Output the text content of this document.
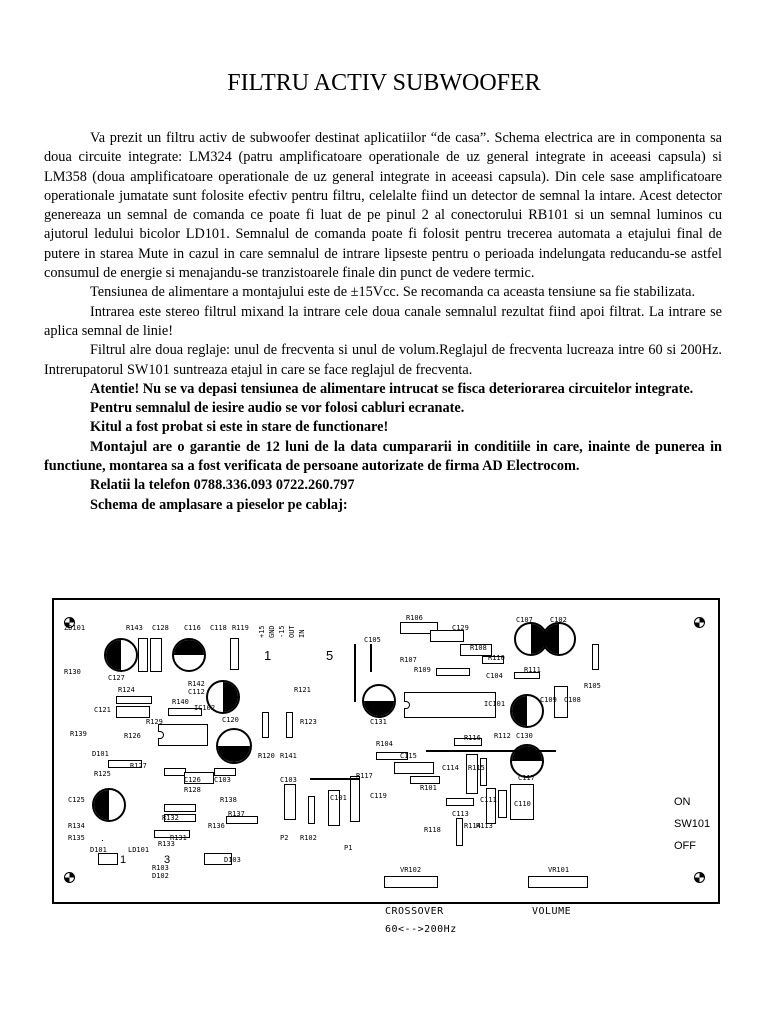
FILTRU ACTIV SUBWOOFER

Va prezit un filtru activ de subwoofer destinat aplicatiilor “de casa”. Schema electrica are in componenta sa doua circuite integrate: LM324 (patru amplificatoare operationale de uz general integrate in aceeasi capsula) si LM358 (doua amplificatoare operationale de uz general integrate in aceeasi capsula). Din cele sase amplificatoare operationale jumatate sunt folosite efectiv pentru filtru, celelalte fiind un detector de semnal la intare. Acest detector genereaza un semnal de comanda ce poate fi luat de pe pinul 2 al conectorului RB101 si un semnal luminos cu ajutorul ledului bicolor LD101. Semnalul de comanda poate fi folosit pentru trecerea automata a etajului final de putere in starea Mute in cazul in care semnalul de intrare lipseste pentru o perioada indelungata reducandu-se astfel consumul de energie si menajandu-se tranzistoarele finale din punct de vedere termic.

Tensiunea de alimentare a montajului este de ±15Vcc. Se recomanda ca aceasta tensiune sa fie stabilizata.

Intrarea este stereo filtrul mixand la intrare cele doua canale semnalul rezultat fiind apoi filtrat. La intrare se aplica semnal de linie!

Filtrul alre doua reglaje: unul de frecventa si unul de volum.Reglajul de frecventa lucreaza intre 60 si 200Hz. Intrerupatorul SW101 suntreaza etajul in care se face reglajul de frecventa.

Atentie! Nu se va depasi tensiunea de alimentare intrucat se fisca deteriorarea circuitelor integrate.

Pentru semnalul de iesire audio se vor folosi cabluri ecranate.

Kitul a fost probat si este in stare de functionare!

Montajul are o garantie de 12 luni de la data cumpararii in conditiile in care, inainte de punerea in functiune, montarea sa a fost verificata de persoane autorizate de firma AD Electrocom.

Relatii la telefon 0788.336.093 0722.260.797

Schema de amplasare a pieselor pe cablaj:

1	5
+15 GND -15 OUT IN
ZD101	R143 C128 C116 C118 R119
R130
C127
R124
R142
C112
R140
C121
R129
R139
D101
R126
R125
R127
C126 C103
R128
R138
C125
R132
R134
R135	R131
R133
R137
R136
LD101
IC102
C120
R120 R141
R121
R123
C103
P2 R102
C101
P1
R106
C105
C129
R107
R108
R109
R110
C104
C131
IC101
R104
C115
R117
C114
R101
C119
R116
R115
R118
C113
R114
R113
C111 C110
C107 C102
R111
R105
C109 C108
R112 C130
C117
D103
R103
D102
D101
1	3
VR102	VR101
ON
SW101
OFF
CROSSOVER
60<-->200Hz
VOLUME
